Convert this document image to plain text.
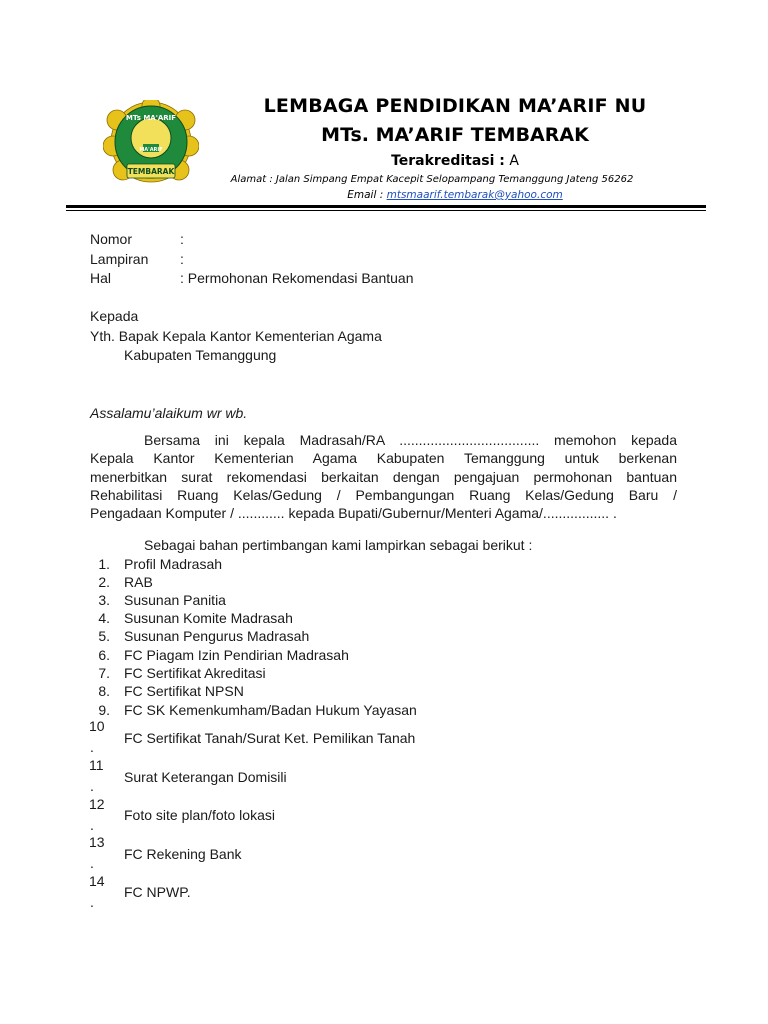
MTs MA'ARIF
MA'ARIF
TEMBARAK
LEMBAGA PENDIDIKAN MA’ARIF NU
MTs. MA’ARIF TEMBARAK
Terakreditasi : A
Alamat : Jalan Simpang Empat Kacepit Selopampang Temanggung Jateng 56262
Email : mtsmaarif.tembarak@yahoo.com
Nomor	:
Lampiran :
Hal	: Permohonan Rekomendasi Bantuan
Kepada
Yth. Bapak Kepala Kantor Kementerian Agama
Kabupaten Temanggung
Assalamu’alaikum wr wb.

Bersama ini kepala Madrasah/RA .................................... memohon kepada

Kepala Kantor Kementerian Agama Kabupaten Temanggung untuk berkenan

menerbitkan surat rekomendasi berkaitan dengan pengajuan permohonan bantuan

Rehabilitasi Ruang Kelas/Gedung / Pembangungan Ruang Kelas/Gedung Baru /

Pengadaan Komputer / ............ kepada Bupati/Gubernur/Menteri Agama/................. .

Sebagai bahan pertimbangan kami lampirkan sebagai berikut :
1. Profil Madrasah
2. RAB
3. Susunan Panitia
4. Susunan Komite Madrasah
5. Susunan Pengurus Madrasah
6. FC Piagam Izin Pendirian Madrasah
7. FC Sertifikat Akreditasi
8. FC Sertifikat NPSN
9. FC SK Kemenkumham/Badan Hukum Yayasan
10
.
FC Sertifikat Tanah/Surat Ket. Pemilikan Tanah
11
.
Surat Keterangan Domisili
12
.
Foto site plan/foto lokasi
13
.
FC Rekening Bank
14
.
FC NPWP.
